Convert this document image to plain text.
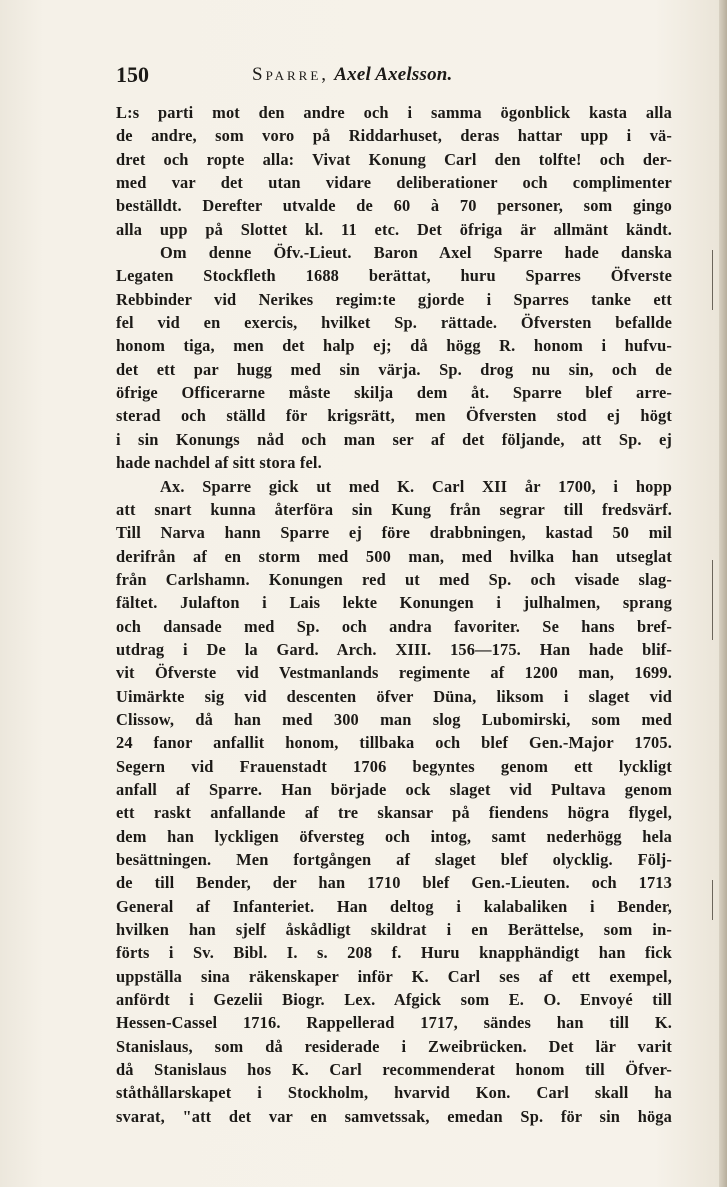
150	Sparre, Axel Axelsson.
L:s parti mot den andre och i samma ögonblick kasta alla
de andre, som voro på Riddarhuset, deras hattar upp i vä-
dret och ropte alla: Vivat Konung Carl den tolfte! och der-
med var det utan vidare deliberationer och complimenter
beställdt. Derefter utvalde de 60 à 70 personer, som gingo
alla upp på Slottet kl. 11 etc. Det öfriga är allmänt kändt.
Om denne Öfv.-Lieut. Baron Axel Sparre hade danska
Legaten Stockfleth 1688 berättat, huru Sparres Öfverste
Rebbinder vid Nerikes regim:te gjorde i Sparres tanke ett
fel vid en exercis, hvilket Sp. rättade. Öfversten befallde
honom tiga, men det halp ej; då högg R. honom i hufvu-
det ett par hugg med sin värja. Sp. drog nu sin, och de
öfrige Officerarne måste skilja dem åt. Sparre blef arre-
sterad och ställd för krigsrätt, men Öfversten stod ej högt
i sin Konungs nåd och man ser af det följande, att Sp. ej
hade nachdel af sitt stora fel.
Ax. Sparre gick ut med K. Carl XII år 1700, i hopp
att snart kunna återföra sin Kung från segrar till fredsvärf.
Till Narva hann Sparre ej före drabbningen, kastad 50 mil
derifrån af en storm med 500 man, med hvilka han utseglat
från Carlshamn. Konungen red ut med Sp. och visade slag-
fältet. Julafton i Lais lekte Konungen i julhalmen, sprang
och dansade med Sp. och andra favoriter. Se hans bref-
utdrag i De la Gard. Arch. XIII. 156—175. Han hade blif-
vit Öfverste vid Vestmanlands regimente af 1200 man, 1699.
Uimärkte sig vid descenten öfver Düna, liksom i slaget vid
Clissow, då han med 300 man slog Lubomirski, som med
24 fanor anfallit honom, tillbaka och blef Gen.-Major 1705.
Segern vid Frauenstadt 1706 begyntes genom ett lyckligt
anfall af Sparre. Han började ock slaget vid Pultava genom
ett raskt anfallande af tre skansar på fiendens högra flygel,
dem han lyckligen öfversteg och intog, samt nederhögg hela
besättningen. Men fortgången af slaget blef olycklig. Följ-
de till Bender, der han 1710 blef Gen.-Lieuten. och 1713
General af Infanteriet. Han deltog i kalabaliken i Bender,
hvilken han sjelf åskådligt skildrat i en Berättelse, som in-
förts i Sv. Bibl. I. s. 208 f. Huru knapphändigt han fick
uppställa sina räkenskaper inför K. Carl ses af ett exempel,
anfördt i Gezelii Biogr. Lex. Afgick som E. O. Envoyé till
Hessen-Cassel 1716. Rappellerad 1717, sändes han till K.
Stanislaus, som då residerade i Zweibrücken. Det lär varit
då Stanislaus hos K. Carl recommenderat honom till Öfver-
ståthållarskapet i Stockholm, hvarvid Kon. Carl skall ha
svarat, "att det var en samvetssak, emedan Sp. för sin höga
